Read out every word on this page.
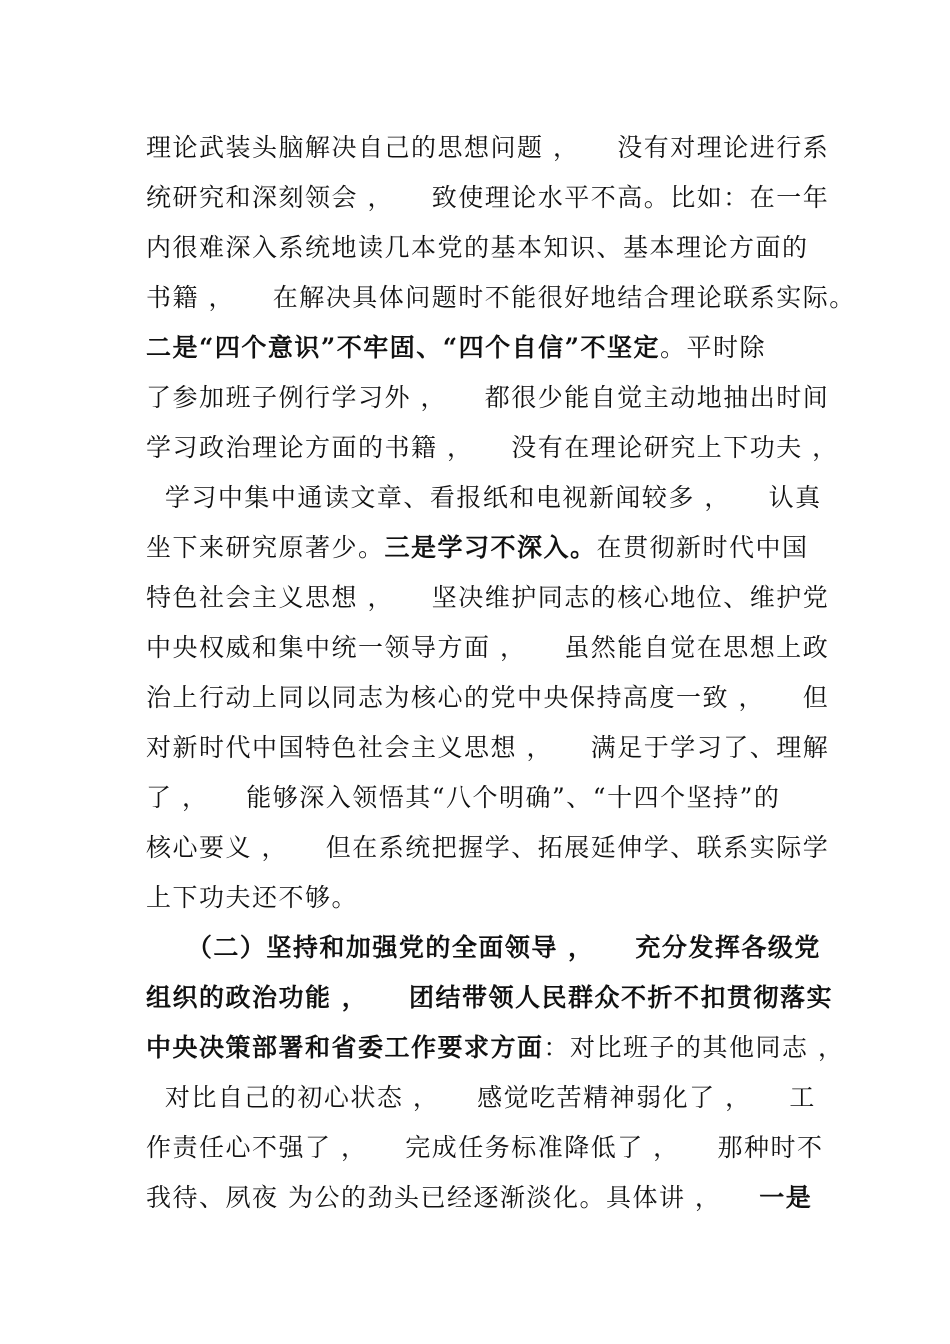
理论武装头脑解决自己的思想问题 ，    没有对理论进行系
统研究和深刻领会 ，    致使理论水平不高。比如：在一年
内很难深入系统地读几本党的基本知识、基本理论方面的
书籍 ，    在解决具体问题时不能很好地结合理论联系实际。
二是“四个意识”不牢固、“四个自信”不坚定。平时除
了参加班子例行学习外 ，    都很少能自觉主动地抽出时间
学习政治理论方面的书籍 ，    没有在理论研究上下功夫 ，
学习中集中通读文章、看报纸和电视新闻较多 ，    认真
坐下来研究原著少。三是学习不深入。在贯彻新时代中国
特色社会主义思想 ，    坚决维护同志的核心地位、维护党
中央权威和集中统一领导方面 ，    虽然能自觉在思想上政
治上行动上同以同志为核心的党中央保持高度一致 ，    但
对新时代中国特色社会主义思想 ，    满足于学习了、理解
了 ，    能够深入领悟其“八个明确”、“十四个坚持”的
核心要义 ，    但在系统把握学、拓展延伸学、联系实际学
上下功夫还不够。
（二）坚持和加强党的全面领导 ，    充分发挥各级党
组织的政治功能 ，    团结带领人民群众不折不扣贯彻落实
中央决策部署和省委工作要求方面：对比班子的其他同志 ，
对比自己的初心状态 ，    感觉吃苦精神弱化了 ，    工
作责任心不强了 ，    完成任务标准降低了 ，    那种时不
我待、夙夜 为公的劲头已经逐渐淡化。具体讲 ，    一是
